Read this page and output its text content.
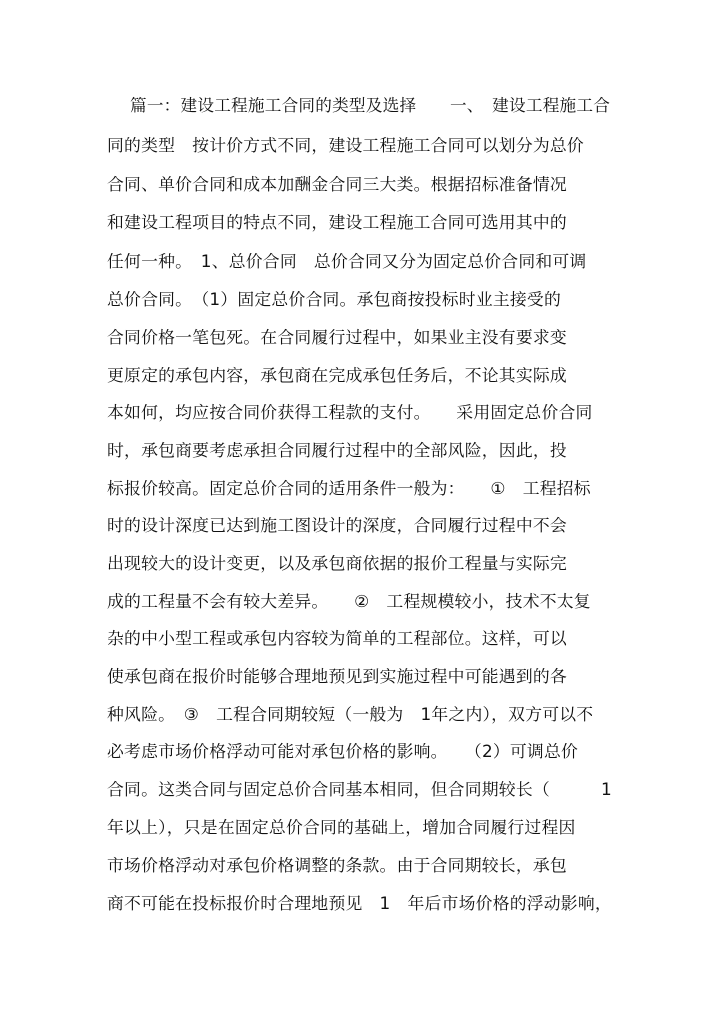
篇一：建设工程施工合同的类型及选择　　一、　建设工程施工合
同的类型　按计价方式不同，建设工程施工合同可以划分为总价
合同、单价合同和成本加酬金合同三大类。根据招标准备情况
和建设工程项目的特点不同，建设工程施工合同可选用其中的
任何一种。　1、总价合同　总价合同又分为固定总价合同和可调
总价合同。　（1）固定总价合同。承包商按投标时业主接受的
合同价格一笔包死。在合同履行过程中，如果业主没有要求变
更原定的承包内容，承包商在完成承包任务后，不论其实际成
本如何，均应按合同价获得工程款的支付。　　采用固定总价合同
时，承包商要考虑承担合同履行过程中的全部风险，因此，投
标报价较高。固定总价合同的适用条件一般为：　　①　工程招标
时的设计深度已达到施工图设计的深度，合同履行过程中不会
出现较大的设计变更，以及承包商依据的报价工程量与实际完
成的工程量不会有较大差异。　　②　工程规模较小，技术不太复
杂的中小型工程或承包内容较为简单的工程部位。这样，可以
使承包商在报价时能够合理地预见到实施过程中可能遇到的各
种风险。　③　工程合同期较短（一般为　1年之内），双方可以不
必考虑市场价格浮动可能对承包价格的影响。　　（2）可调总价
合同。这类合同与固定总价合同基本相同，但合同期较长（　　　1
年以上），只是在固定总价合同的基础上，增加合同履行过程因
市场价格浮动对承包价格调整的条款。由于合同期较长，承包
商不可能在投标报价时合理地预见　1　年后市场价格的浮动影响，
